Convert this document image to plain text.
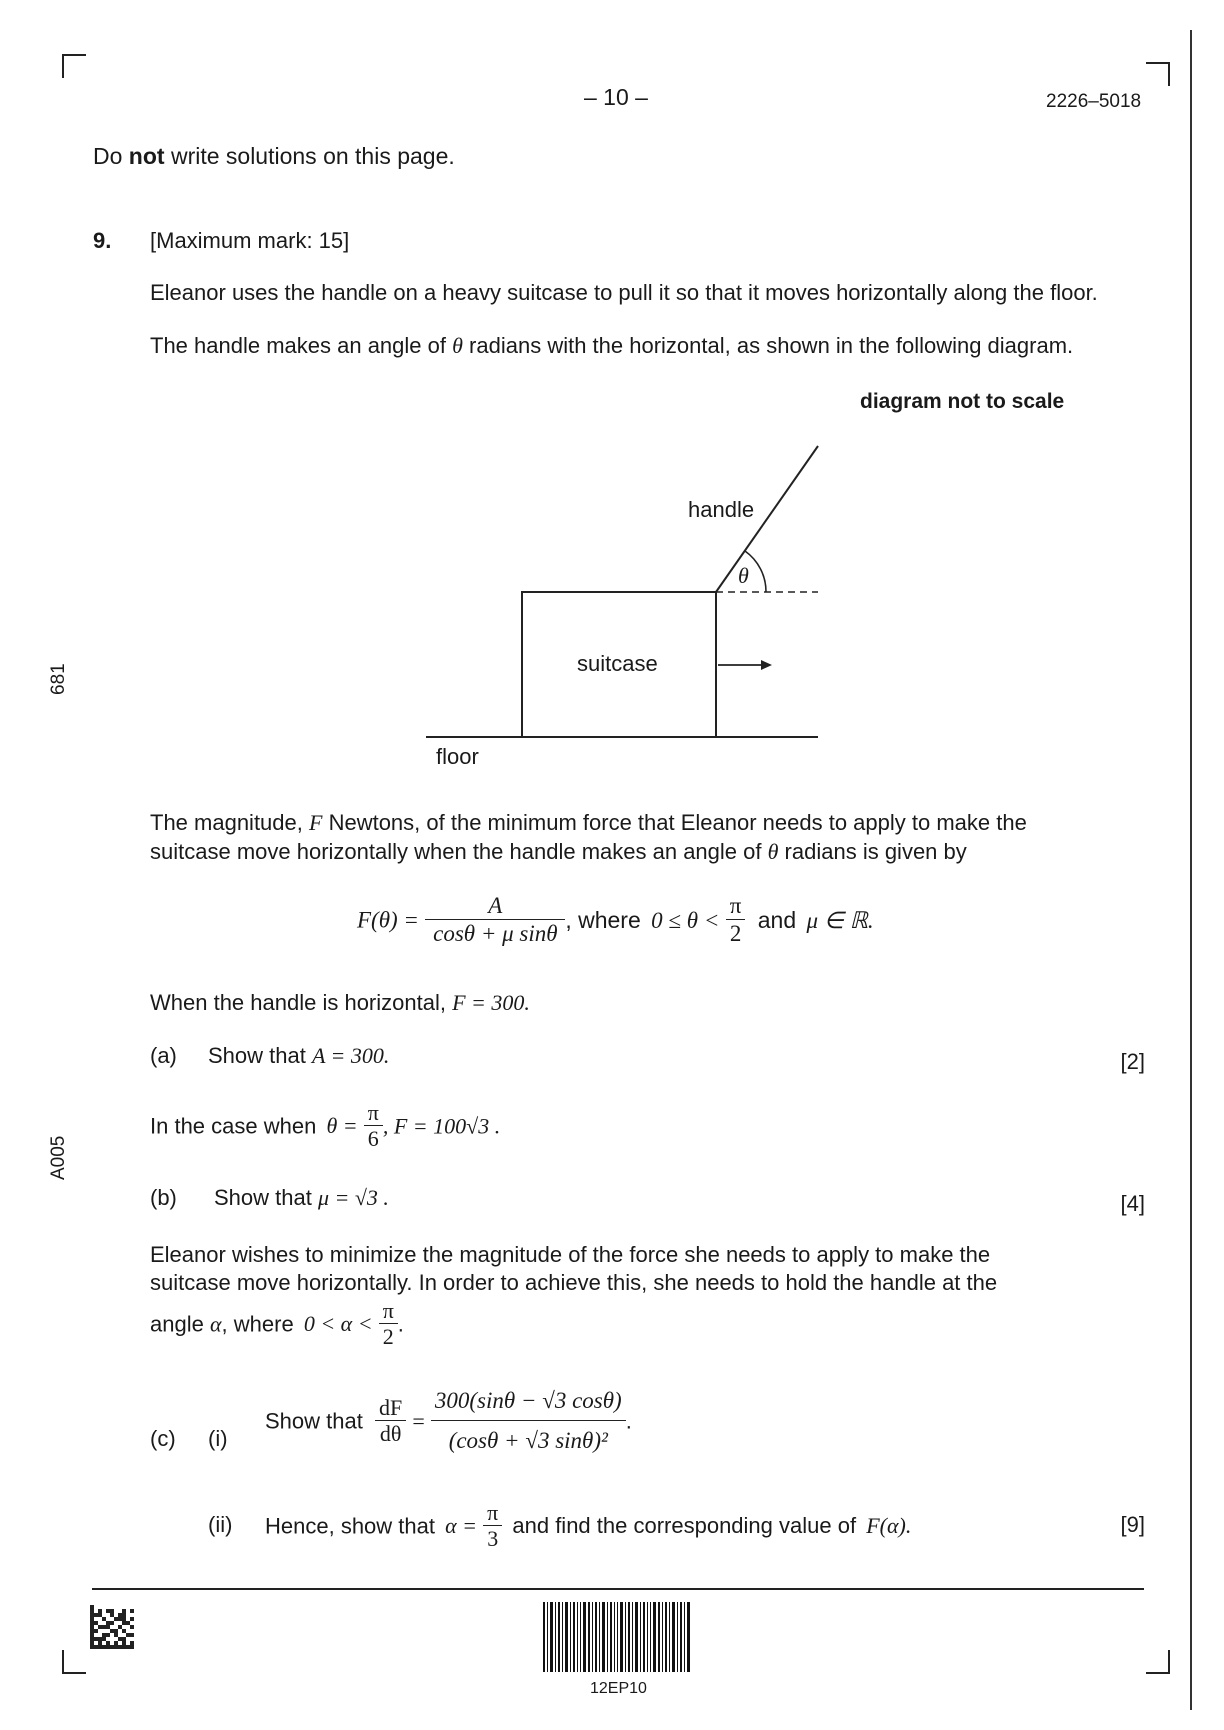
– 10 –	2226–5018
Do not write solutions on this page.
9. [Maximum mark: 15]
Eleanor uses the handle on a heavy suitcase to pull it so that it moves horizontally along the floor.
The handle makes an angle of θ radians with the horizontal, as shown in the following diagram.
diagram not to scale
handle
θ
suitcase
floor
The magnitude, F Newtons, of the minimum force that Eleanor needs to apply to make the
suitcase move horizontally when the handle makes an angle of θ radians is given by
$F(\theta) = \frac{A}{\text{cosθ + μ sinθ}}$ , where $0 \le \theta < \frac{\pi}{2}$ and μ ∈ ℝ.
When the handle is horizontal, F = 300.
(a) Show that A = 300.	[2]
In the case when $\theta = \frac{\pi}{6}$ , F = 100√3 .
(b) Show that μ = √3 .	[4]
Eleanor wishes to minimize the magnitude of the force she needs to apply to make the
suitcase move horizontally. In order to achieve this, she needs to hold the handle at the
angle α, where $0 < \alpha < \frac{\pi}{2}$ .
(c) (i)
Show that $\frac{dF}{d\theta} = \frac{300(\sin\theta - √3 \cos\theta)}{\text{(cosθ + √3 sinθ)²}}$ .
(ii) Hence, show that $\alpha = \frac{\pi}{3}$ and find the corresponding value of F(α).	[9]
681
A005
12EP10
